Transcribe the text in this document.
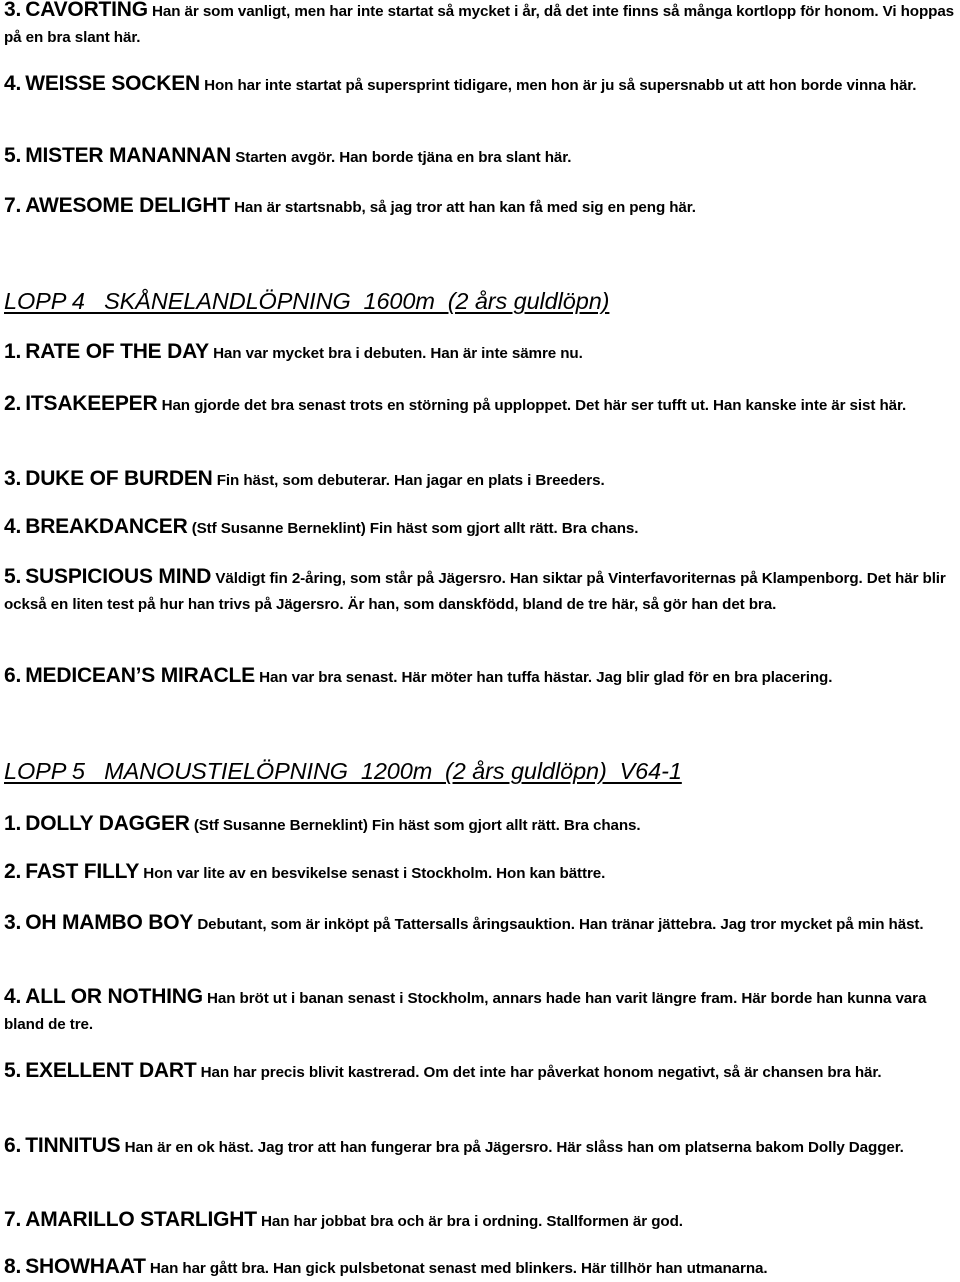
3. CAVORTING Han är som vanligt, men har inte startat så mycket i år, då det inte finns så många kortlopp för honom. Vi hoppas på en bra slant här.
4. WEISSE SOCKEN Hon har inte startat på supersprint tidigare, men hon är ju så supersnabb ut att hon borde vinna här.
5. MISTER MANANNAN Starten avgör. Han borde tjäna en bra slant här.
7. AWESOME DELIGHT Han är startsnabb, så jag tror att han kan få med sig en peng här.
LOPP 4   SKÅNELANDLÖPNING  1600m  (2 års guldlöpn)
1. RATE OF THE DAY Han var mycket bra i debuten. Han är inte sämre nu.
2. ITSAKEEPER Han gjorde det bra senast trots en störning på upploppet. Det här ser tufft ut. Han kanske inte är sist här.
3. DUKE OF BURDEN Fin häst, som debuterar. Han jagar en plats i Breeders.
4. BREAKDANCER (Stf Susanne Berneklint) Fin häst som gjort allt rätt. Bra chans.
5. SUSPICIOUS MIND Väldigt fin 2-åring, som står på Jägersro. Han siktar på Vinterfavoriternas på Klampenborg. Det här blir också en liten test på hur han trivs på Jägersro. Är han, som danskfödd, bland de tre här, så gör han det bra.
6. MEDICEAN’S MIRACLE Han var bra senast. Här möter han tuffa hästar. Jag blir glad för en bra placering.
LOPP 5   MANOUSTIELÖPNING  1200m  (2 års guldlöpn)  V64-1
1. DOLLY DAGGER (Stf Susanne Berneklint) Fin häst som gjort allt rätt. Bra chans.
2. FAST FILLY Hon var lite av en besvikelse senast i Stockholm. Hon kan bättre.
3. OH MAMBO BOY Debutant, som är inköpt på Tattersalls åringsauktion. Han tränar jättebra. Jag tror mycket på min häst.
4. ALL OR NOTHING Han bröt ut i banan senast i Stockholm, annars hade han varit längre fram. Här borde han kunna vara bland de tre.
5. EXELLENT DART Han har precis blivit kastrerad. Om det inte har påverkat honom negativt, så är chansen bra här.
6. TINNITUS Han är en ok häst. Jag tror att han fungerar bra på Jägersro. Här slåss han om platserna bakom Dolly Dagger.
7. AMARILLO STARLIGHT Han har jobbat bra och är bra i ordning. Stallformen är god.
8. SHOWHAAT Han har gått bra. Han gick pulsbetonat senast med blinkers. Här tillhör han utmanarna.
